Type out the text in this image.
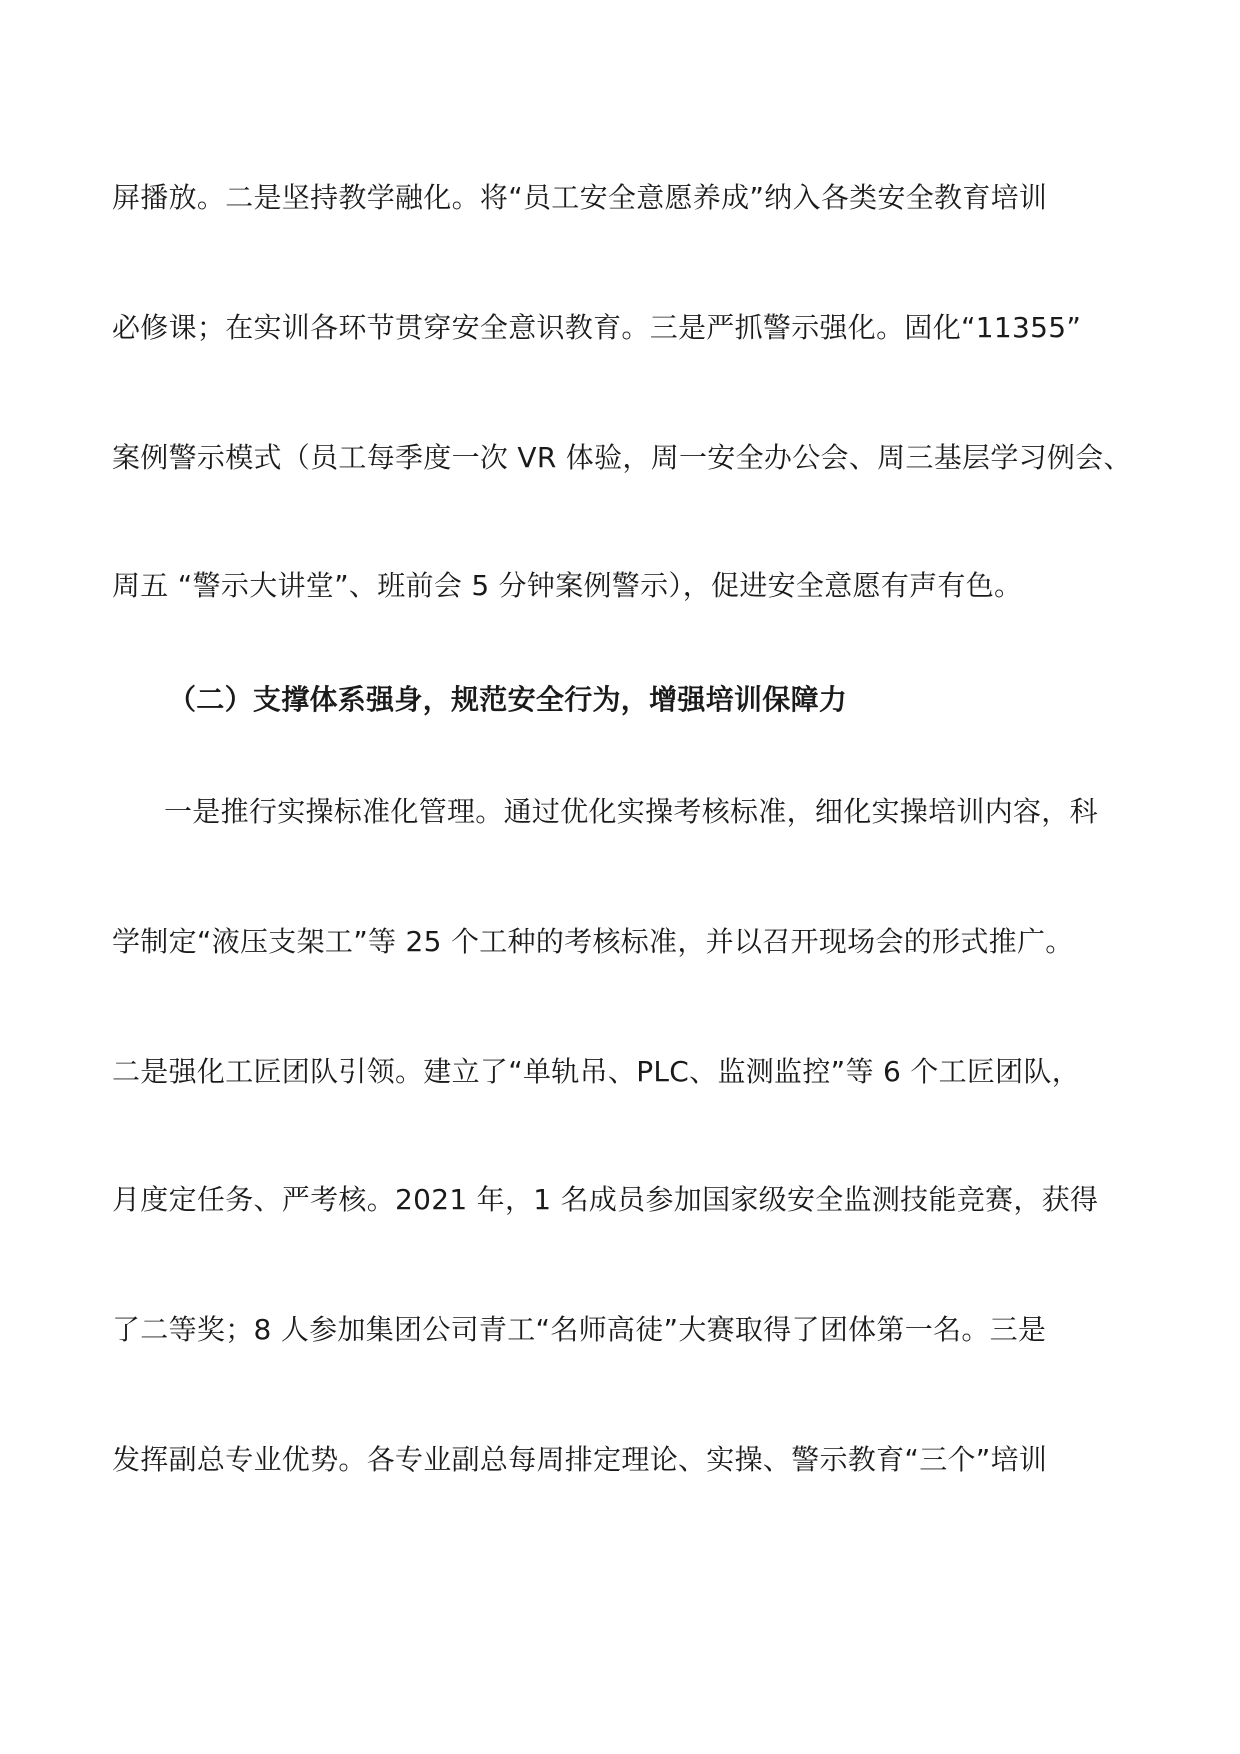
屏播放。二是坚持教学融化。将“员工安全意愿养成”纳入各类安全教育培训
必修课；在实训各环节贯穿安全意识教育。三是严抓警示强化。固化“11355”
案例警示模式（员工每季度一次 VR 体验，周一安全办公会、周三基层学习例会、
周五 “警示大讲堂”、班前会 5 分钟案例警示），促进安全意愿有声有色。
（二）支撑体系强身，规范安全行为，增强培训保障力
一是推行实操标准化管理。通过优化实操考核标准，细化实操培训内容，科
学制定“液压支架工”等 25 个工种的考核标准，并以召开现场会的形式推广。
二是强化工匠团队引领。建立了“单轨吊、PLC、监测监控”等 6 个工匠团队，
月度定任务、严考核。2021 年，1 名成员参加国家级安全监测技能竞赛，获得
了二等奖；8 人参加集团公司青工“名师高徒”大赛取得了团体第一名。三是
发挥副总专业优势。各专业副总每周排定理论、实操、警示教育“三个”培训
